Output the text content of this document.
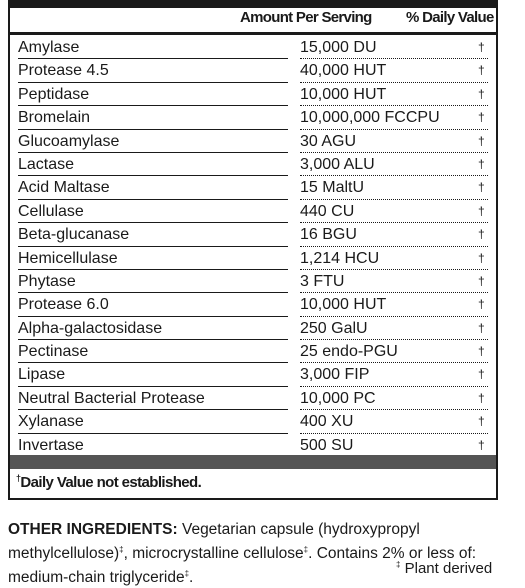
Amount Per Serving % Daily Value
Amylase	15,000 DU	†
Protease 4.5	40,000 HUT	†
Peptidase	10,000 HUT	†
Bromelain	10,000,000 FCCPU	†
Glucoamylase	30 AGU	†
Lactase	3,000 ALU	†
Acid Maltase	15 MaltU	†
Cellulase	440 CU	†
Beta-glucanase	16 BGU	†
Hemicellulase	1,214 HCU	†
Phytase	3 FTU	†
Protease 6.0	10,000 HUT	†
Alpha-galactosidase	250 GalU	†
Pectinase	25 endo-PGU	†
Lipase	3,000 FIP	†
Neutral Bacterial Protease	10,000 PC	†
Xylanase	400 XU	†
Invertase	500 SU	†
†Daily Value not established.
OTHER INGREDIENTS: Vegetarian capsule (hydroxypropyl methylcellulose)‡, microcrystalline cellulose‡. Contains 2% or less of: medium-chain triglyceride‡.
‡ Plant derived
